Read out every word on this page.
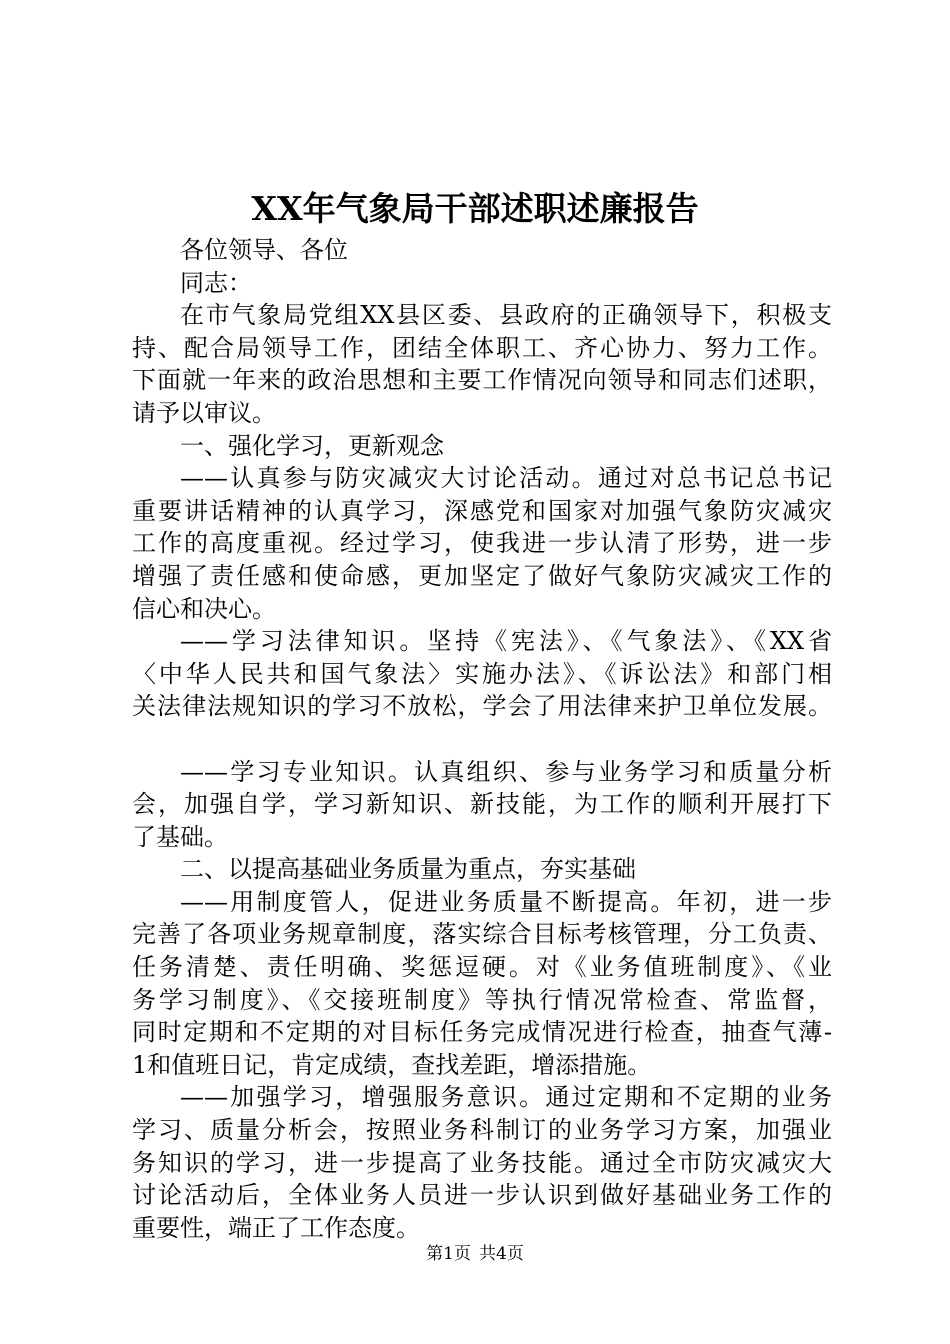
XX年气象局干部述职述廉报告
各位领导、各位
同志：
在市气象局党组XX县区委、县政府的正确领导下，积极支
持、配合局领导工作，团结全体职工、齐心协力、努力工作。
下面就一年来的政治思想和主要工作情况向领导和同志们述职，
请予以审议。
一、强化学习，更新观念
——认真参与防灾减灾大讨论活动。通过对总书记总书记
重要讲话精神的认真学习，深感党和国家对加强气象防灾减灾
工作的高度重视。经过学习，使我进一步认清了形势，进一步
增强了责任感和使命感，更加坚定了做好气象防灾减灾工作的
信心和决心。
——学习法律知识。坚持《宪法》、《气象法》、《XX省
〈中华人民共和国气象法〉实施办法》、《诉讼法》和部门相
关法律法规知识的学习不放松，学会了用法律来护卫单位发展。
——学习专业知识。认真组织、参与业务学习和质量分析
会，加强自学，学习新知识、新技能，为工作的顺利开展打下
了基础。
二、以提高基础业务质量为重点，夯实基础
——用制度管人，促进业务质量不断提高。年初，进一步
完善了各项业务规章制度，落实综合目标考核管理，分工负责、
任务清楚、责任明确、奖惩逗硬。对《业务值班制度》、《业
务学习制度》、《交接班制度》等执行情况常检查、常监督，
同时定期和不定期的对目标任务完成情况进行检查，抽查气薄-
1和值班日记，肯定成绩，查找差距，增添措施。
——加强学习，增强服务意识。通过定期和不定期的业务
学习、质量分析会，按照业务科制订的业务学习方案，加强业
务知识的学习，进一步提高了业务技能。通过全市防灾减灾大
讨论活动后，全体业务人员进一步认识到做好基础业务工作的
重要性，端正了工作态度。
第1页 共4页
